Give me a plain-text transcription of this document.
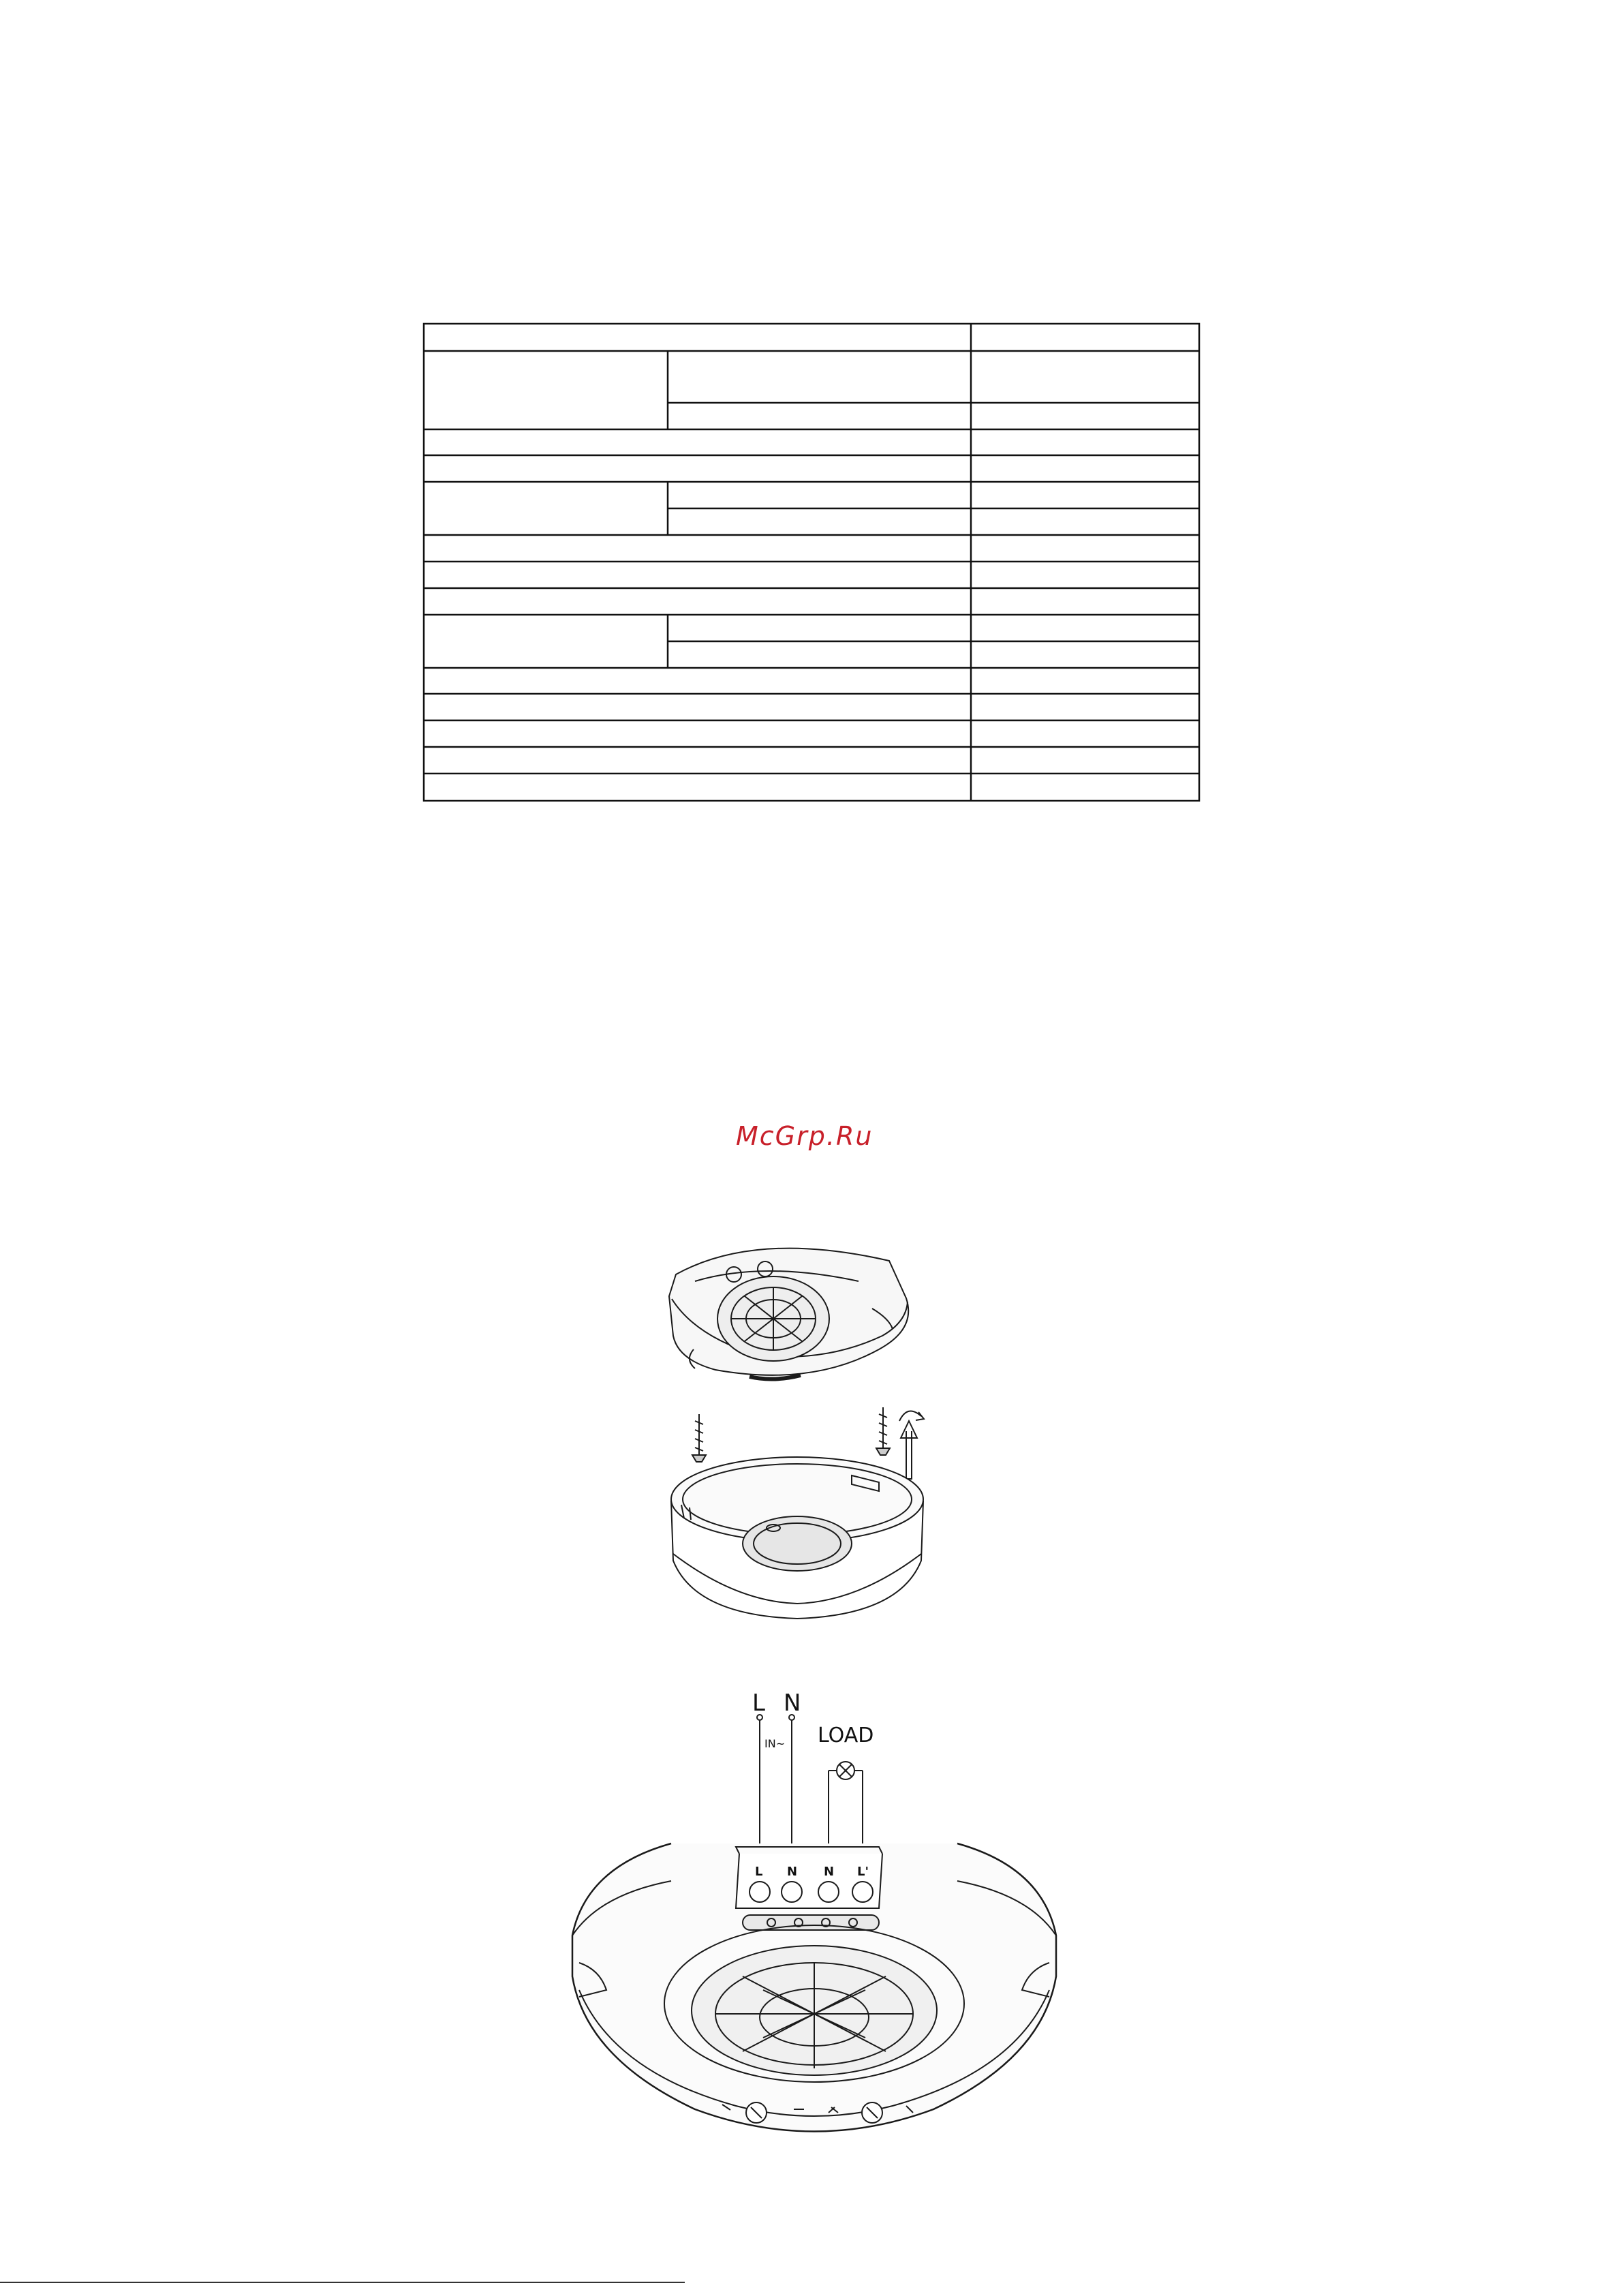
McGrp.Ru
L N
IN~ LOAD
L N N L'
